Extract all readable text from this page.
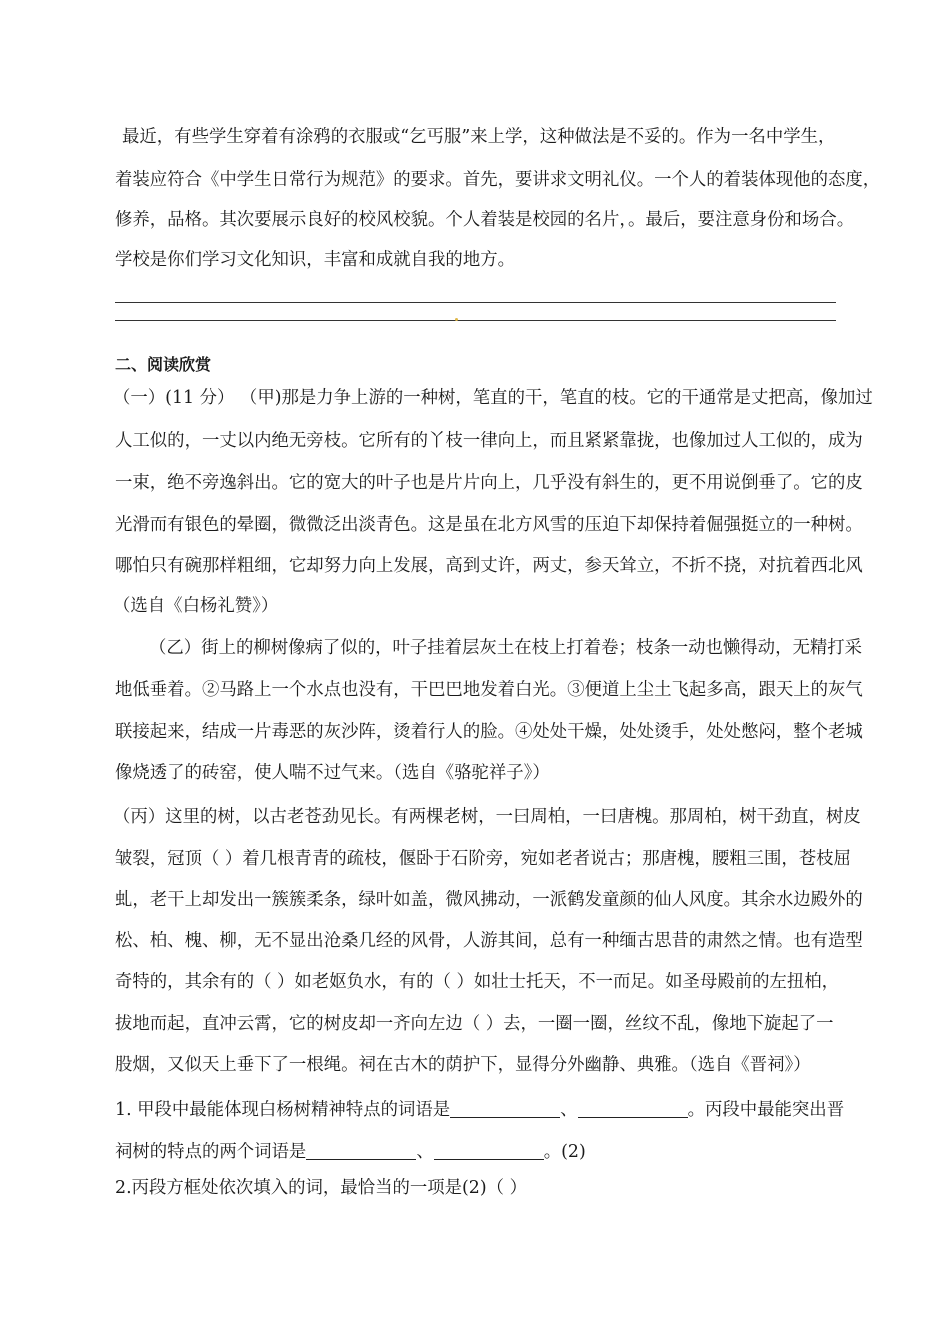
最近，有些学生穿着有涂鸦的衣服或“乞丐服”来上学，这种做法是不妥的。作为一名中学生，
着装应符合《中学生日常行为规范》的要求。首先，要讲求文明礼仪。一个人的着装体现他的态度，
修养，品格。其次要展示良好的校风校貌。个人着装是校园的名片，。最后，要注意身份和场合。
学校是你们学习文化知识，丰富和成就自我的地方。
二、阅读欣赏
（一）(11 分） （甲)那是力争上游的一种树，笔直的干，笔直的枝。它的干通常是丈把高，像加过
人工似的，一丈以内绝无旁枝。它所有的丫枝一律向上，而且紧紧靠拢，也像加过人工似的，成为
一束，绝不旁逸斜出。它的宽大的叶子也是片片向上，几乎没有斜生的，更不用说倒垂了。它的皮
光滑而有银色的晕圈，微微泛出淡青色。这是虽在北方风雪的压迫下却保持着倔强挺立的一种树。
哪怕只有碗那样粗细，它却努力向上发展，高到丈许，两丈，参天耸立，不折不挠，对抗着西北风
（选自《白杨礼赞》）
（乙）街上的柳树像病了似的，叶子挂着层灰土在枝上打着卷；枝条一动也懒得动，无精打采
地低垂着。②马路上一个水点也没有，干巴巴地发着白光。③便道上尘土飞起多高，跟天上的灰气
联接起来，结成一片毒恶的灰沙阵，烫着行人的脸。④处处干燥，处处烫手，处处憋闷，整个老城
像烧透了的砖窑，使人喘不过气来。（选自《骆驼祥子》）
（丙）这里的树，以古老苍劲见长。有两棵老树，一曰周柏，一曰唐槐。那周柏，树干劲直，树皮
皱裂，冠顶（ ）着几根青青的疏枝，偃卧于石阶旁，宛如老者说古；那唐槐，腰粗三围，苍枝屈
虬，老干上却发出一簇簇柔条，绿叶如盖，微风拂动，一派鹤发童颜的仙人风度。其余水边殿外的
松、柏、槐、柳，无不显出沧桑几经的风骨，人游其间，总有一种缅古思昔的肃然之情。也有造型
奇特的，其余有的（ ）如老妪负水，有的（ ）如壮士托天，不一而足。如圣母殿前的左扭柏，
拔地而起，直冲云霄，它的树皮却一齐向左边（ ）去，一圈一圈，丝纹不乱，像地下旋起了一
股烟，又似天上垂下了一根绳。祠在古木的荫护下，显得分外幽静、典雅。（选自《晋祠》）
1. 甲段中最能体现白杨树精神特点的词语是	、	。丙段中最能突出晋
祠树的特点的两个词语是	、	。(2)
2.丙段方框处依次填入的词，最恰当的一项是(2)（ ）
